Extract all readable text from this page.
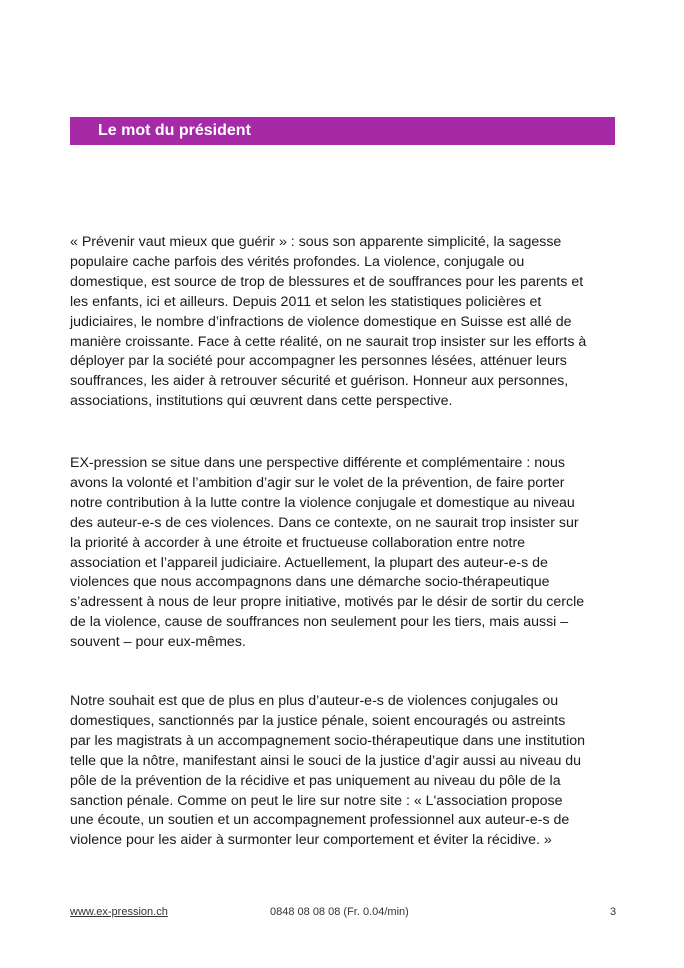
Le mot du président

« Prévenir vaut mieux que guérir » : sous son apparente simplicité, la sagesse
populaire cache parfois des vérités profondes. La violence, conjugale ou
domestique, est source de trop de blessures et de souffrances pour les parents et
les enfants, ici et ailleurs. Depuis 2011 et selon les statistiques policières et
judiciaires, le nombre d’infractions de violence domestique en Suisse est allé de
manière croissante. Face à cette réalité, on ne saurait trop insister sur les efforts à
déployer par la société pour accompagner les personnes lésées, atténuer leurs
souffrances, les aider à retrouver sécurité et guérison. Honneur aux personnes,
associations, institutions qui œuvrent dans cette perspective.

EX-pression se situe dans une perspective différente et complémentaire : nous
avons la volonté et l’ambition d’agir sur le volet de la prévention, de faire porter
notre contribution à la lutte contre la violence conjugale et domestique au niveau
des auteur-e-s de ces violences. Dans ce contexte, on ne saurait trop insister sur
la priorité à accorder à une étroite et fructueuse collaboration entre notre
association et l’appareil judiciaire. Actuellement, la plupart des auteur-e-s de
violences que nous accompagnons dans une démarche socio-thérapeutique
s’adressent à nous de leur propre initiative, motivés par le désir de sortir du cercle
de la violence, cause de souffrances non seulement pour les tiers, mais aussi –
souvent – pour eux-mêmes.

Notre souhait est que de plus en plus d’auteur-e-s de violences conjugales ou
domestiques, sanctionnés par la justice pénale, soient encouragés ou astreints
par les magistrats à un accompagnement socio-thérapeutique dans une institution
telle que la nôtre, manifestant ainsi le souci de la justice d’agir aussi au niveau du
pôle de la prévention de la récidive et pas uniquement au niveau du pôle de la
sanction pénale. Comme on peut le lire sur notre site : « L'association propose
une écoute, un soutien et un accompagnement professionnel aux auteur-e-s de
violence pour les aider à surmonter leur comportement et éviter la récidive. »

www.ex-pression.ch	0848 08 08 08 (Fr. 0.04/min)	3
